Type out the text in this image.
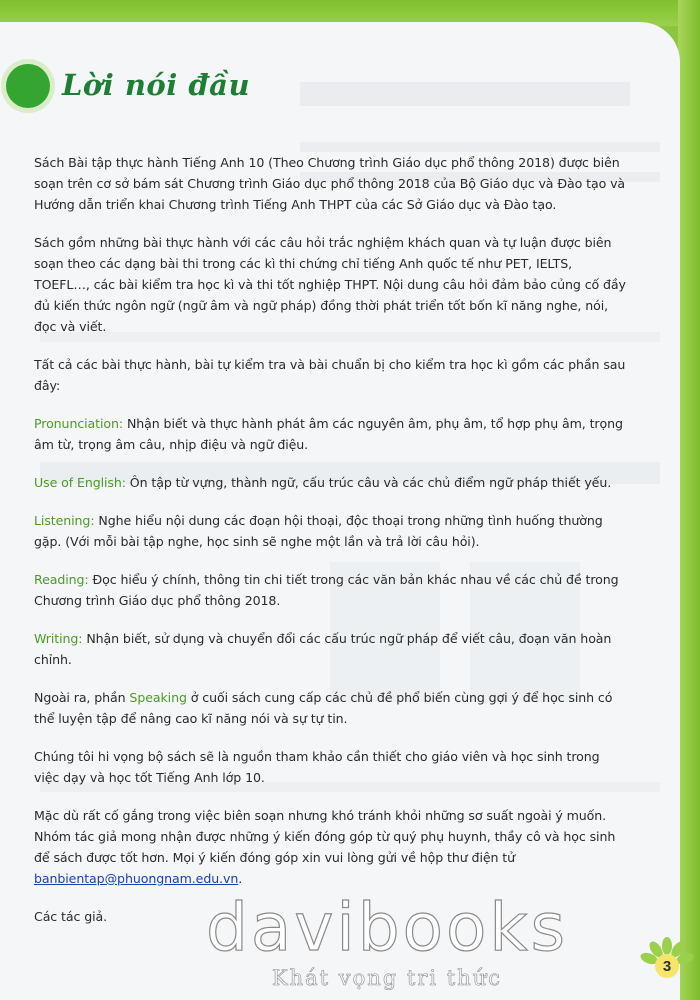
Lời nói đầu

Sách Bài tập thực hành Tiếng Anh 10 (Theo Chương trình Giáo dục phổ thông 2018) được biên soạn trên cơ sở bám sát Chương trình Giáo dục phổ thông 2018 của Bộ Giáo dục và Đào tạo và Hướng dẫn triển khai Chương trình Tiếng Anh THPT của các Sở Giáo dục và Đào tạo.

Sách gồm những bài thực hành với các câu hỏi trắc nghiệm khách quan và tự luận được biên soạn theo các dạng bài thi trong các kì thi chứng chỉ tiếng Anh quốc tế như PET, IELTS, TOEFL…, các bài kiểm tra học kì và thi tốt nghiệp THPT. Nội dung câu hỏi đảm bảo củng cố đầy đủ kiến thức ngôn ngữ (ngữ âm và ngữ pháp) đồng thời phát triển tốt bốn kĩ năng nghe, nói, đọc và viết.

Tất cả các bài thực hành, bài tự kiểm tra và bài chuẩn bị cho kiểm tra học kì gồm các phần sau đây:

Pronunciation: Nhận biết và thực hành phát âm các nguyên âm, phụ âm, tổ hợp phụ âm, trọng âm từ, trọng âm câu, nhịp điệu và ngữ điệu.

Use of English: Ôn tập từ vựng, thành ngữ, cấu trúc câu và các chủ điểm ngữ pháp thiết yếu.

Listening: Nghe hiểu nội dung các đoạn hội thoại, độc thoại trong những tình huống thường gặp. (Với mỗi bài tập nghe, học sinh sẽ nghe một lần và trả lời câu hỏi).

Reading: Đọc hiểu ý chính, thông tin chi tiết trong các văn bản khác nhau về các chủ đề trong Chương trình Giáo dục phổ thông 2018.

Writing: Nhận biết, sử dụng và chuyển đổi các cấu trúc ngữ pháp để viết câu, đoạn văn hoàn chỉnh.

Ngoài ra, phần Speaking ở cuối sách cung cấp các chủ đề phổ biến cùng gợi ý để học sinh có thể luyện tập để nâng cao kĩ năng nói và sự tự tin.

Chúng tôi hi vọng bộ sách sẽ là nguồn tham khảo cần thiết cho giáo viên và học sinh trong việc dạy và học tốt Tiếng Anh lớp 10.

Mặc dù rất cố gắng trong việc biên soạn nhưng khó tránh khỏi những sơ suất ngoài ý muốn. Nhóm tác giả mong nhận được những ý kiến đóng góp từ quý phụ huynh, thầy cô và học sinh để sách được tốt hơn. Mọi ý kiến đóng góp xin vui lòng gửi về hộp thư điện tử banbientap@phuongnam.edu.vn.

Các tác giả.	davibooks
Khát vọng tri thức	3
